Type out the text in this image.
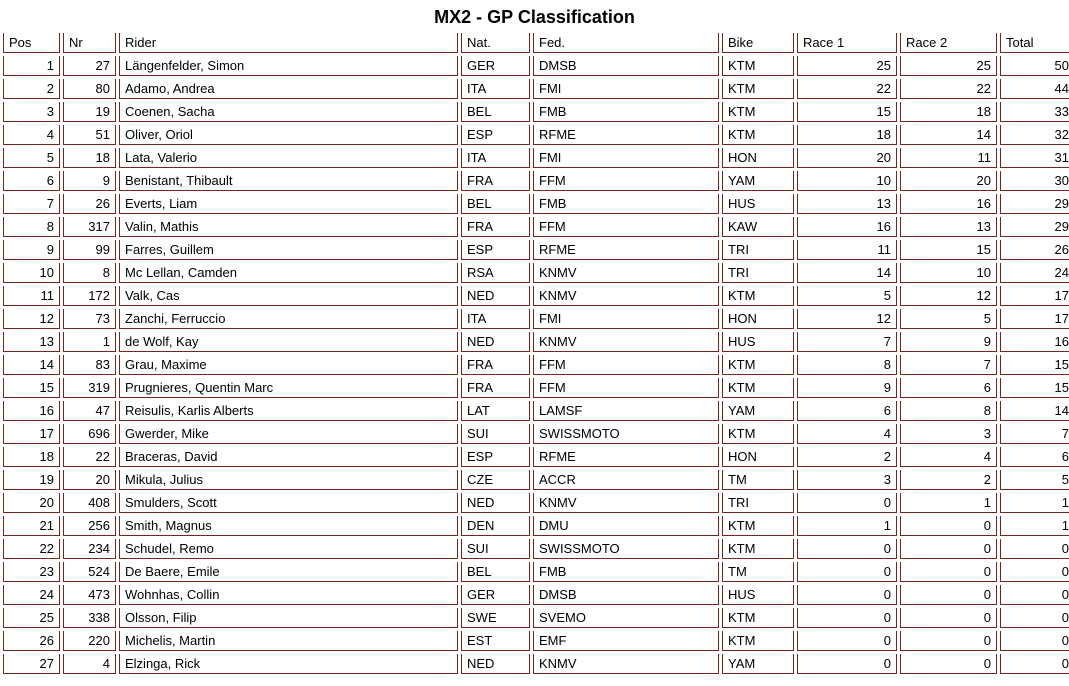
MX2 - GP Classification
Pos	Nr	Rider	Nat.	Fed.	Bike	Race 1	Race 2	Total
1	27	Längenfelder, Simon	GER	DMSB	KTM	25	25	50
2	80	Adamo, Andrea	ITA	FMI	KTM	22	22	44
3	19	Coenen, Sacha	BEL	FMB	KTM	15	18	33
4	51	Oliver, Oriol	ESP	RFME	KTM	18	14	32
5	18	Lata, Valerio	ITA	FMI	HON	20	11	31
6	9	Benistant, Thibault	FRA	FFM	YAM	10	20	30
7	26	Everts, Liam	BEL	FMB	HUS	13	16	29
8	317	Valin, Mathis	FRA	FFM	KAW	16	13	29
9	99	Farres, Guillem	ESP	RFME	TRI	11	15	26
10	8	Mc Lellan, Camden	RSA	KNMV	TRI	14	10	24
11	172	Valk, Cas	NED	KNMV	KTM	5	12	17
12	73	Zanchi, Ferruccio	ITA	FMI	HON	12	5	17
13	1	de Wolf, Kay	NED	KNMV	HUS	7	9	16
14	83	Grau, Maxime	FRA	FFM	KTM	8	7	15
15	319	Prugnieres, Quentin Marc	FRA	FFM	KTM	9	6	15
16	47	Reisulis, Karlis Alberts	LAT	LAMSF	YAM	6	8	14
17	696	Gwerder, Mike	SUI	SWISSMOTO	KTM	4	3	7
18	22	Braceras, David	ESP	RFME	HON	2	4	6
19	20	Mikula, Julius	CZE	ACCR	TM	3	2	5
20	408	Smulders, Scott	NED	KNMV	TRI	0	1	1
21	256	Smith, Magnus	DEN	DMU	KTM	1	0	1
22	234	Schudel, Remo	SUI	SWISSMOTO	KTM	0	0	0
23	524	De Baere, Emile	BEL	FMB	TM	0	0	0
24	473	Wohnhas, Collin	GER	DMSB	HUS	0	0	0
25	338	Olsson, Filip	SWE	SVEMO	KTM	0	0	0
26	220	Michelis, Martin	EST	EMF	KTM	0	0	0
27	4	Elzinga, Rick	NED	KNMV	YAM	0	0	0
